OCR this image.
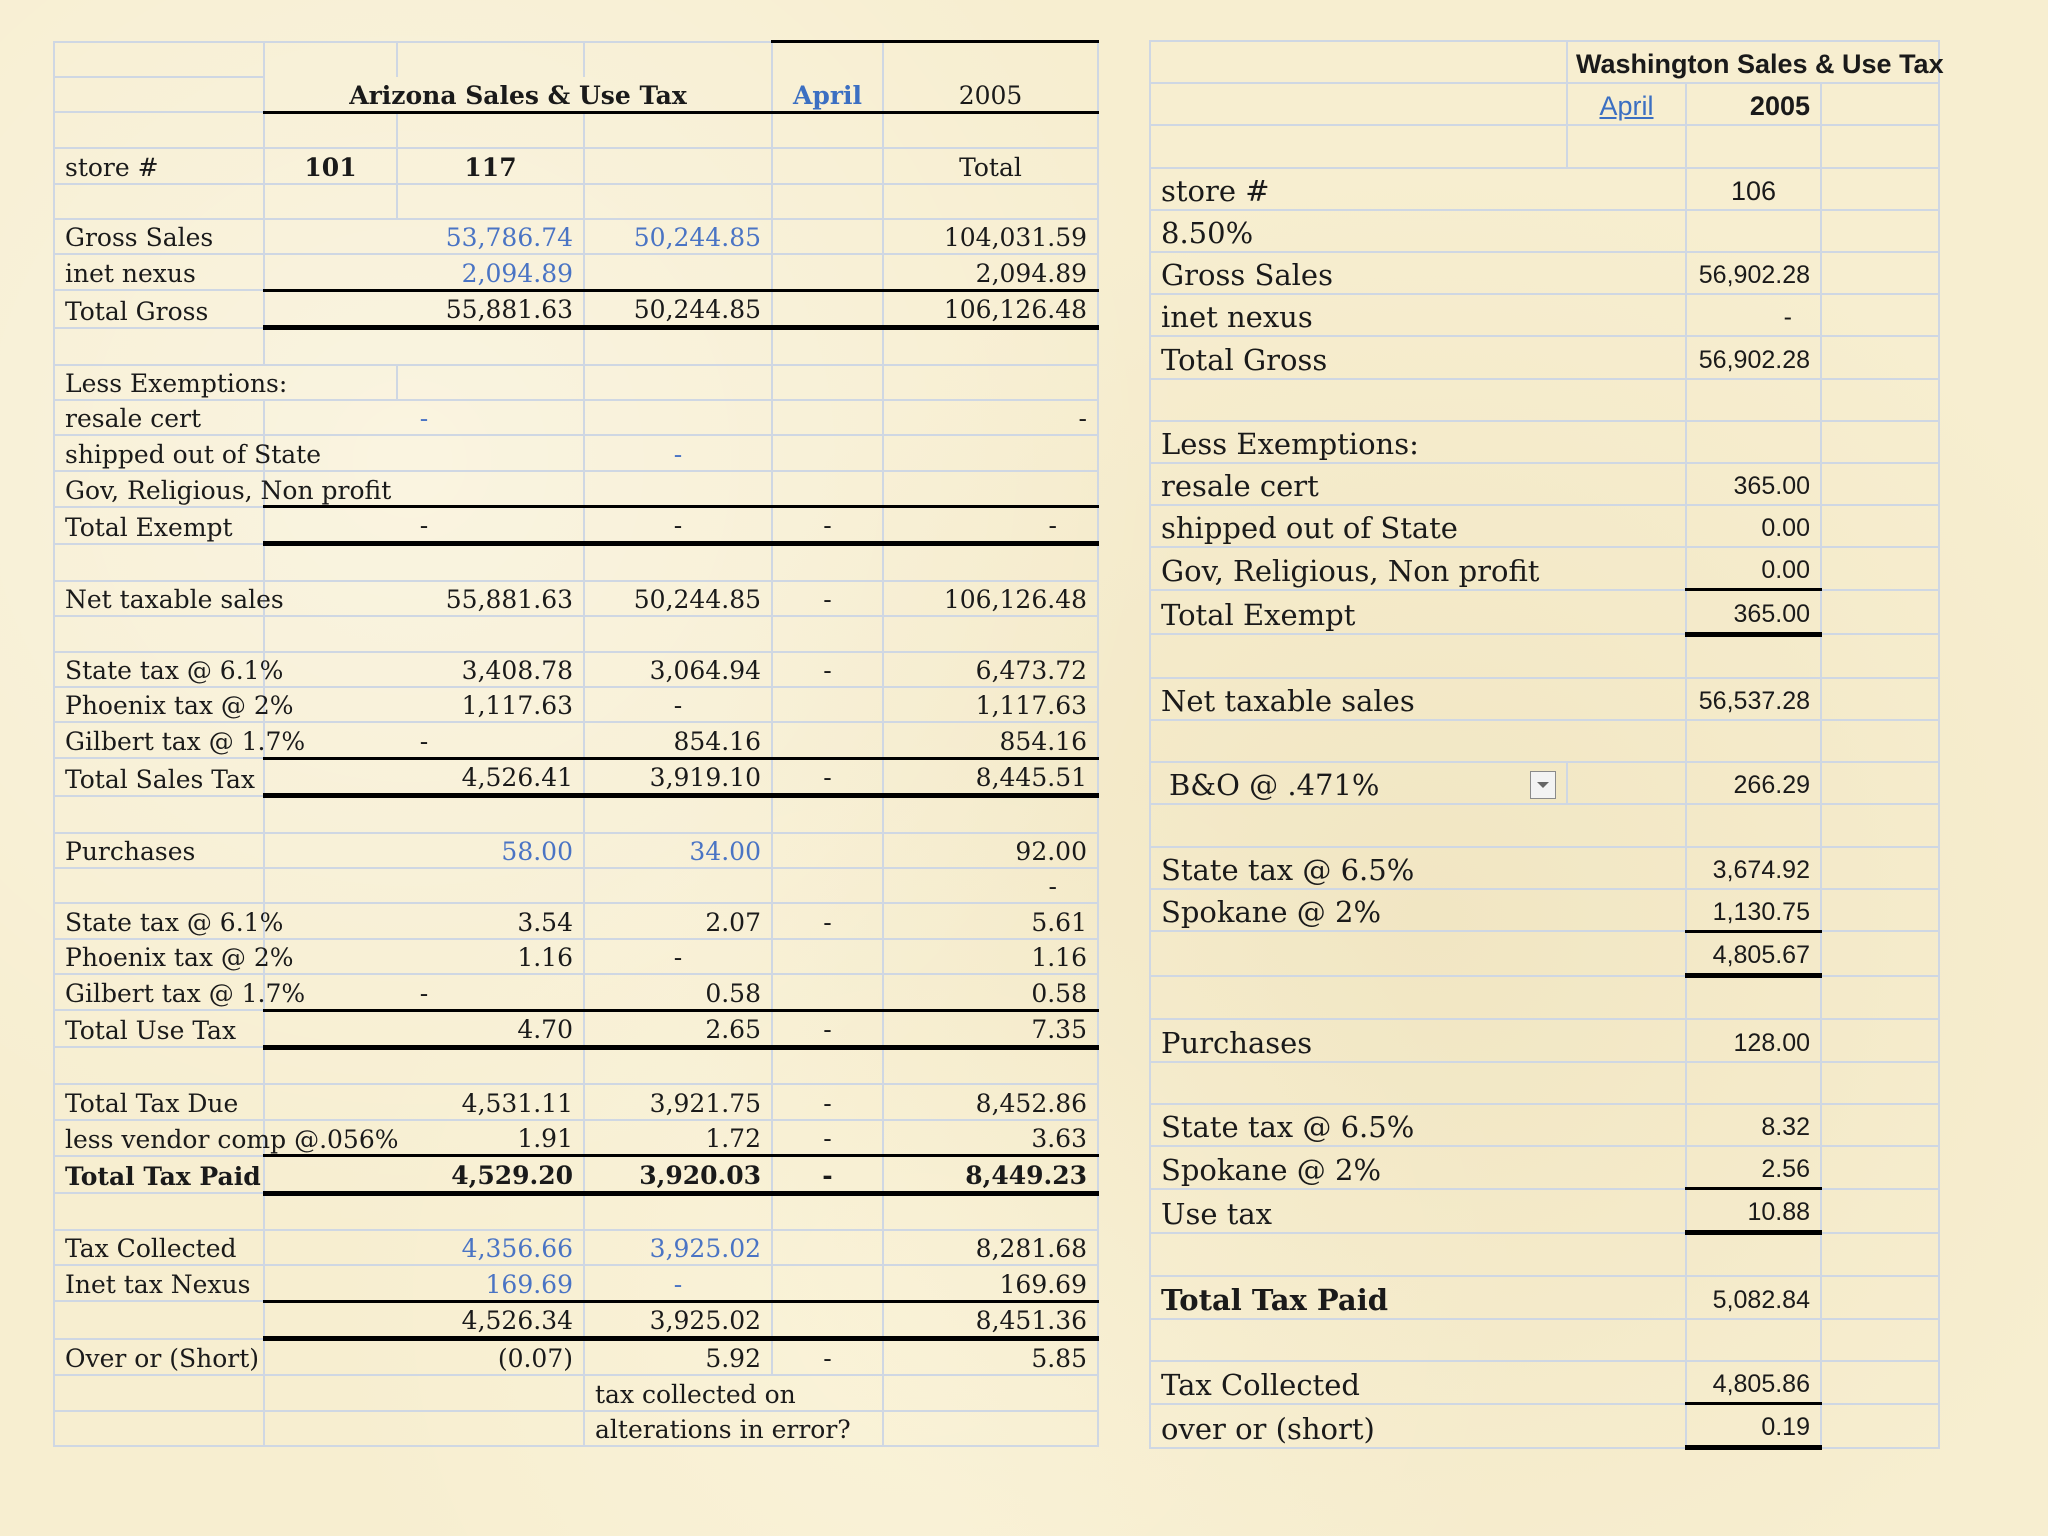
	Arizona Sales & Use Tax			April	2005

store #	101	117			Total

Gross Sales	53,786.74		50,244.85		104,031.59
inet nexus	2,094.89				2,094.89
Total Gross	55,881.63		50,244.85		106,126.48

Less Exemptions:					
resale cert	-				-
shipped out of State			-		
Gov, Religious, Non profit					
Total Exempt	-		-	-	-

Net taxable sales	55,881.63		50,244.85	-	106,126.48

State tax @ 6.1%	3,408.78		3,064.94	-	6,473.72
Phoenix tax @ 2%	1,117.63		-		1,117.63
Gilbert tax @ 1.7%	-		854.16		854.16
Total Sales Tax	4,526.41		3,919.10	-	8,445.51

Purchases	58.00		34.00		92.00
					-
State tax @ 6.1%	3.54		2.07	-	5.61
Phoenix tax @ 2%	1.16		-		1.16
Gilbert tax @ 1.7%	-		0.58		0.58
Total Use Tax	4.70		2.65	-	7.35

Total Tax Due	4,531.11		3,921.75	-	8,452.86
less vendor comp @.056%	1.91		1.72	-	3.63
Total Tax Paid	4,529.20		3,920.03	-	8,449.23

Tax Collected	4,356.66		3,925.02		8,281.68
Inet tax Nexus	169.69		-		169.69
	4,526.34		3,925.02		8,451.36
Over or (Short)	(0.07)		5.92	-	5.85
			tax collected on		
			alterations in error?		
	Washington Sales & Use Tax		
	April	2005	

store #		106	
8.50%			
Gross Sales		56,902.28	
inet nexus		-	
Total Gross		56,902.28	

Less Exemptions:			
resale cert		365.00	
shipped out of State		0.00	
Gov, Religious, Non profit		0.00	
Total Exempt		365.00	

Net taxable sales		56,537.28	

B&O @ .471%		266.29	

State tax @ 6.5%		3,674.92	
Spokane @ 2%		1,130.75	
		4,805.67	

Purchases		128.00	

State tax @ 6.5%		8.32	
Spokane @ 2%		2.56	
Use tax		10.88	

Total Tax Paid		5,082.84	

Tax Collected		4,805.86	
over or (short)		0.19	
